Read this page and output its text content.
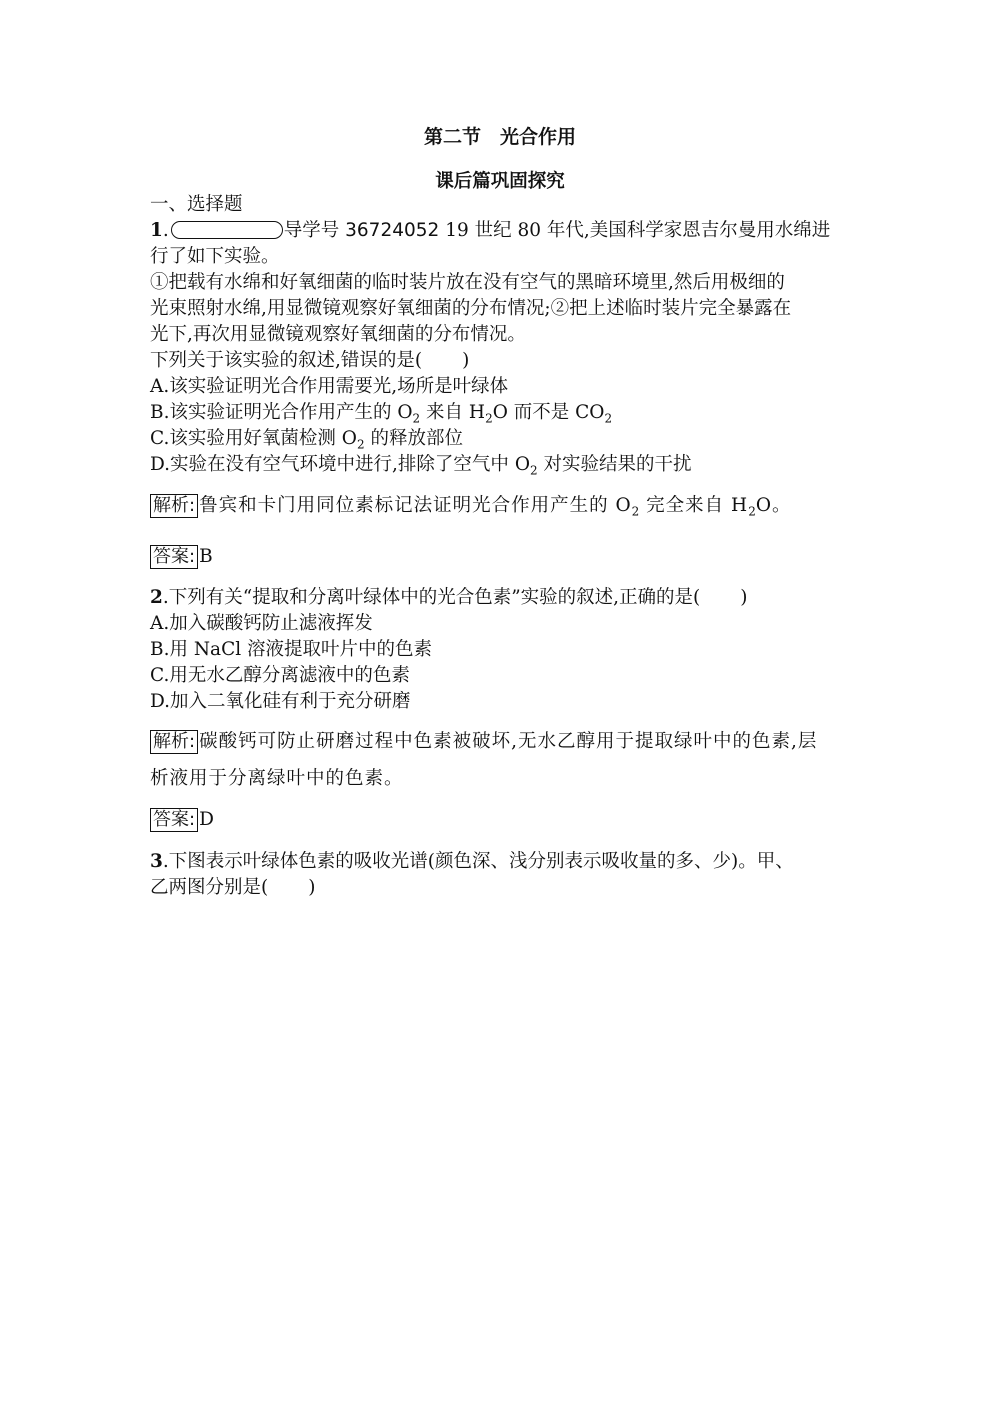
第二节　光合作用
课后篇巩固探究
一、选择题
1.	导学号 36724052 19 世纪 80 年代,美国科学家恩吉尔曼用水绵进
行了如下实验。
①把载有水绵和好氧细菌的临时装片放在没有空气的黑暗环境里,然后用极细的
光束照射水绵,用显微镜观察好氧细菌的分布情况;②把上述临时装片完全暴露在
光下,再次用显微镜观察好氧细菌的分布情况。
下列关于该实验的叙述,错误的是( )
A.该实验证明光合作用需要光,场所是叶绿体
B.该实验证明光合作用产生的 $O_2$ 来自 $H_2O$ 而不是 $CO_2$
C.该实验用好氧菌检测 $O_2$ 的释放部位
D.实验在没有空气环境中进行,排除了空气中 $O_2$ 对实验结果的干扰
解析: 鲁宾和卡门用同位素标记法证明光合作用产生的 $O_2$ 完全来自 $H_2O$。
答案: B
2.下列有关“提取和分离叶绿体中的光合色素”实验的叙述,正确的是( )
A.加入碳酸钙防止滤液挥发
B.用 NaCl 溶液提取叶片中的色素
C.用无水乙醇分离滤液中的色素
D.加入二氧化硅有利于充分研磨
解析: 碳酸钙可防止研磨过程中色素被破坏,无水乙醇用于提取绿叶中的色素,层
析液用于分离绿叶中的色素。
答案: D
3.下图表示叶绿体色素的吸收光谱(颜色深、浅分别表示吸收量的多、少)。甲、
乙两图分别是( )
